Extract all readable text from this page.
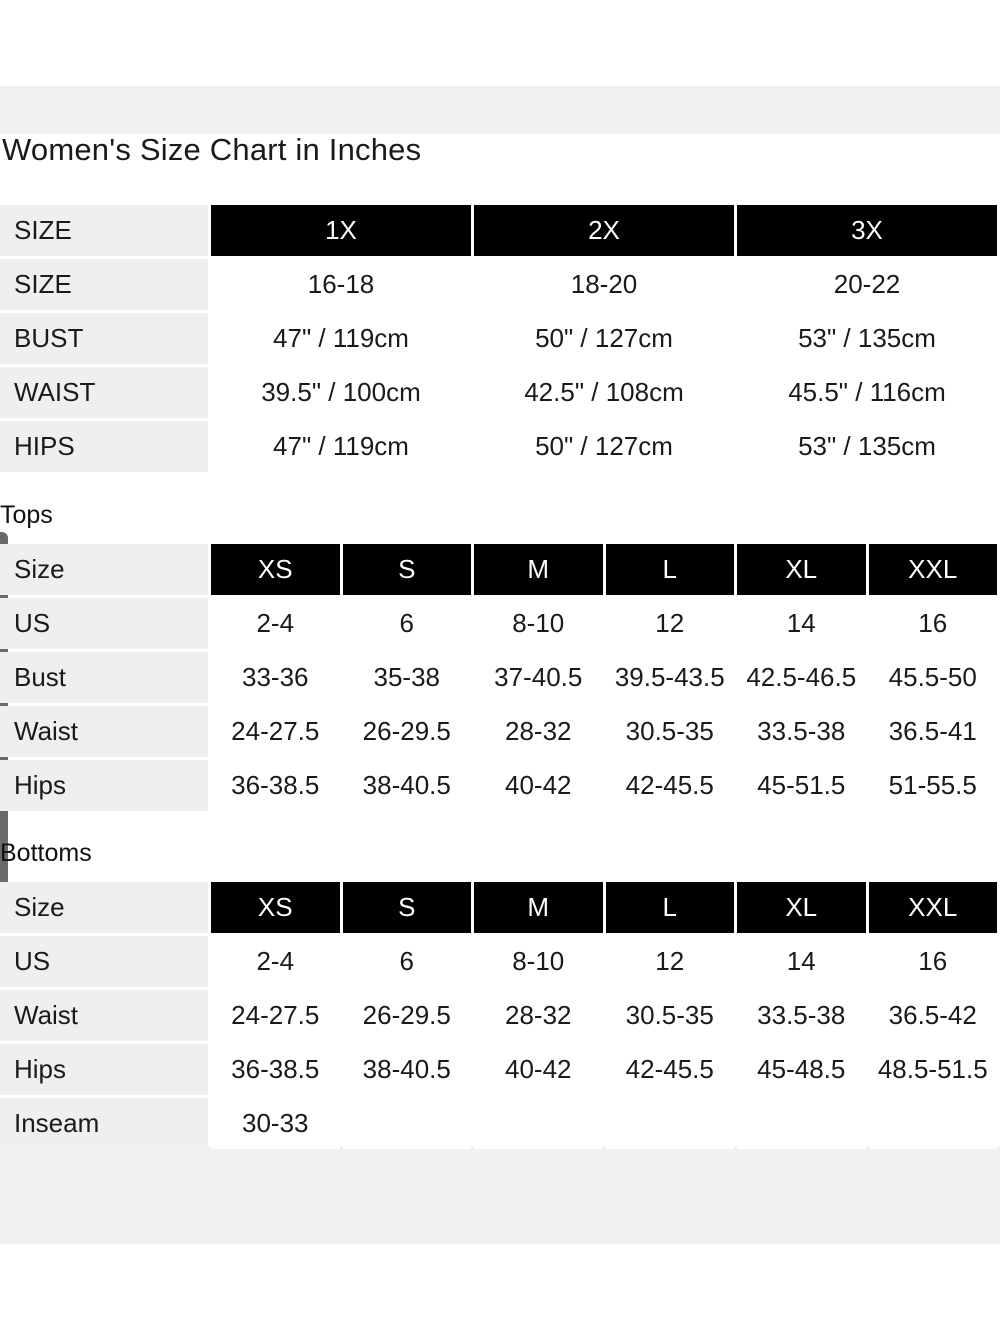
Women's Size Chart in Inches
SIZE	1X	2X	3X
SIZE	16-18	18-20	20-22
BUST	47" / 119cm	50" / 127cm	53" / 135cm
WAIST	39.5" / 100cm	42.5" / 108cm	45.5" / 116cm
HIPS	47" / 119cm	50" / 127cm	53" / 135cm
Tops
Size	XS	S	M	L	XL	XXL
US	2-4	6	8-10	12	14	16
Bust	33-36	35-38	37-40.5	39.5-43.5	42.5-46.5	45.5-50
Waist	24-27.5	26-29.5	28-32	30.5-35	33.5-38	36.5-41
Hips	36-38.5	38-40.5	40-42	42-45.5	45-51.5	51-55.5
Bottoms
Size	XS	S	M	L	XL	XXL
US	2-4	6	8-10	12	14	16
Waist	24-27.5	26-29.5	28-32	30.5-35	33.5-38	36.5-42
Hips	36-38.5	38-40.5	40-42	42-45.5	45-48.5	48.5-51.5
Inseam	30-33					
